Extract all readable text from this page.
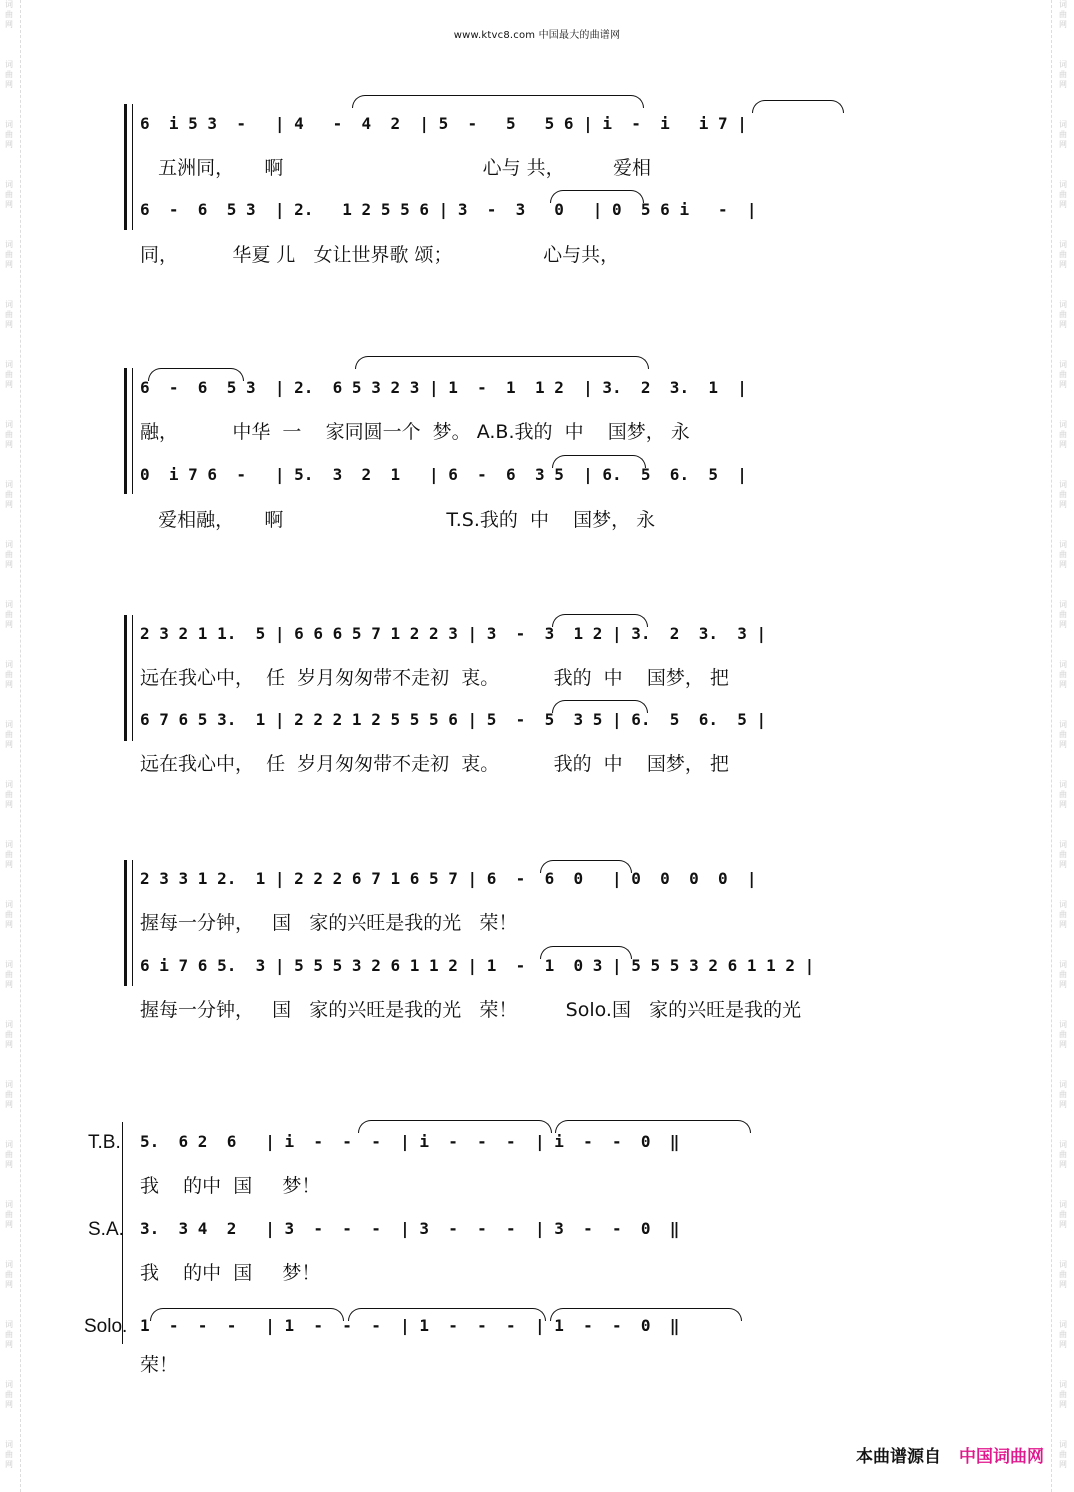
www.ktvc8.com 中国最大的曲谱网
词
曲
网
词
曲
网
词
曲
网
词
曲
网
词
曲
网
词
曲
网
词
曲
网
词
曲
网
词
曲
网
词
曲
网
词
曲
网
词
曲
网
词
曲
网
词
曲
网
词
曲
网
词
曲
网
词
曲
网
词
曲
网
词
曲
网
词
曲
网
词
曲
网
词
曲
网
词
曲
网
词
曲
网
词
曲
网
词
曲
网
词
曲
网
词
曲
网
词
曲
网
词
曲
网
词
曲
网
词
曲
网
词
曲
网
词
曲
网
词
曲
网
词
曲
网
词
曲
网
词
曲
网
词
曲
网
词
曲
网
词
曲
网
词
曲
网
词
曲
网
词
曲
网
词
曲
网
词
曲
网
词
曲
网
词
曲
网
词
曲
网
词
曲
网
6  i 5 3  -   | 4   -  4  2  | 5  -   5   5 6 | i  -  i   i 7 |
五洲同，     啊                                 心与 共，        爱相
6  -  6  5 3  | 2.   1 2 5 5 6 | 3  -  3   0   | 0  5 6 i   -  |
同，         华夏 儿   女让世界歌 颂；               心与共，
6  -  6  5 3  | 2.  6 5 3 2 3 | 1  -  1  1 2  | 3.  2  3.  1  |
融，         中华  一    家同圆一个  梦。 A.B.我的  中    国梦， 永
0  i 7 6  -   | 5.  3  2  1   | 6  -  6  3 5  | 6.  5  6.  5  |
爱相融，     啊                           T.S.我的  中    国梦， 永
2 3 2 1 1.  5 | 6 6 6 5 7 1 2 2 3 | 3  -  3  1 2 | 3.  2  3.  3 |
远在我心中，  任  岁月匆匆带不走初  衷。         我的  中    国梦， 把
6 7 6 5 3.  1 | 2 2 2 1 2 5 5 5 6 | 5  -  5  3 5 | 6.  5  6.  5 |
远在我心中，  任  岁月匆匆带不走初  衷。         我的  中    国梦， 把
2 3 3 1 2.  1 | 2 2 2 6 7 1 6 5 7 | 6  -  6  0   | 0  0  0  0  |
握每一分钟，   国   家的兴旺是我的光   荣！
6 i 7 6 5.  3 | 5 5 5 3 2 6 1 1 2 | 1  -  1  0 3 | 5 5 5 3 2 6 1 1 2 |
握每一分钟，   国   家的兴旺是我的光   荣！        Solo.国   家的兴旺是我的光
T.B.
S.A.
Solo.
5.  6 2  6   | i  -  -  -  | i  -  -  -  | i  -  -  0  ‖
我    的中  国     梦！
3.  3 4  2   | 3  -  -  -  | 3  -  -  -  | 3  -  -  0  ‖
我    的中  国     梦！
1  -  -  -   | 1  -  -  -  | 1  -  -  -  | 1  -  -  0  ‖
荣！
本曲谱源自 中国词曲网
